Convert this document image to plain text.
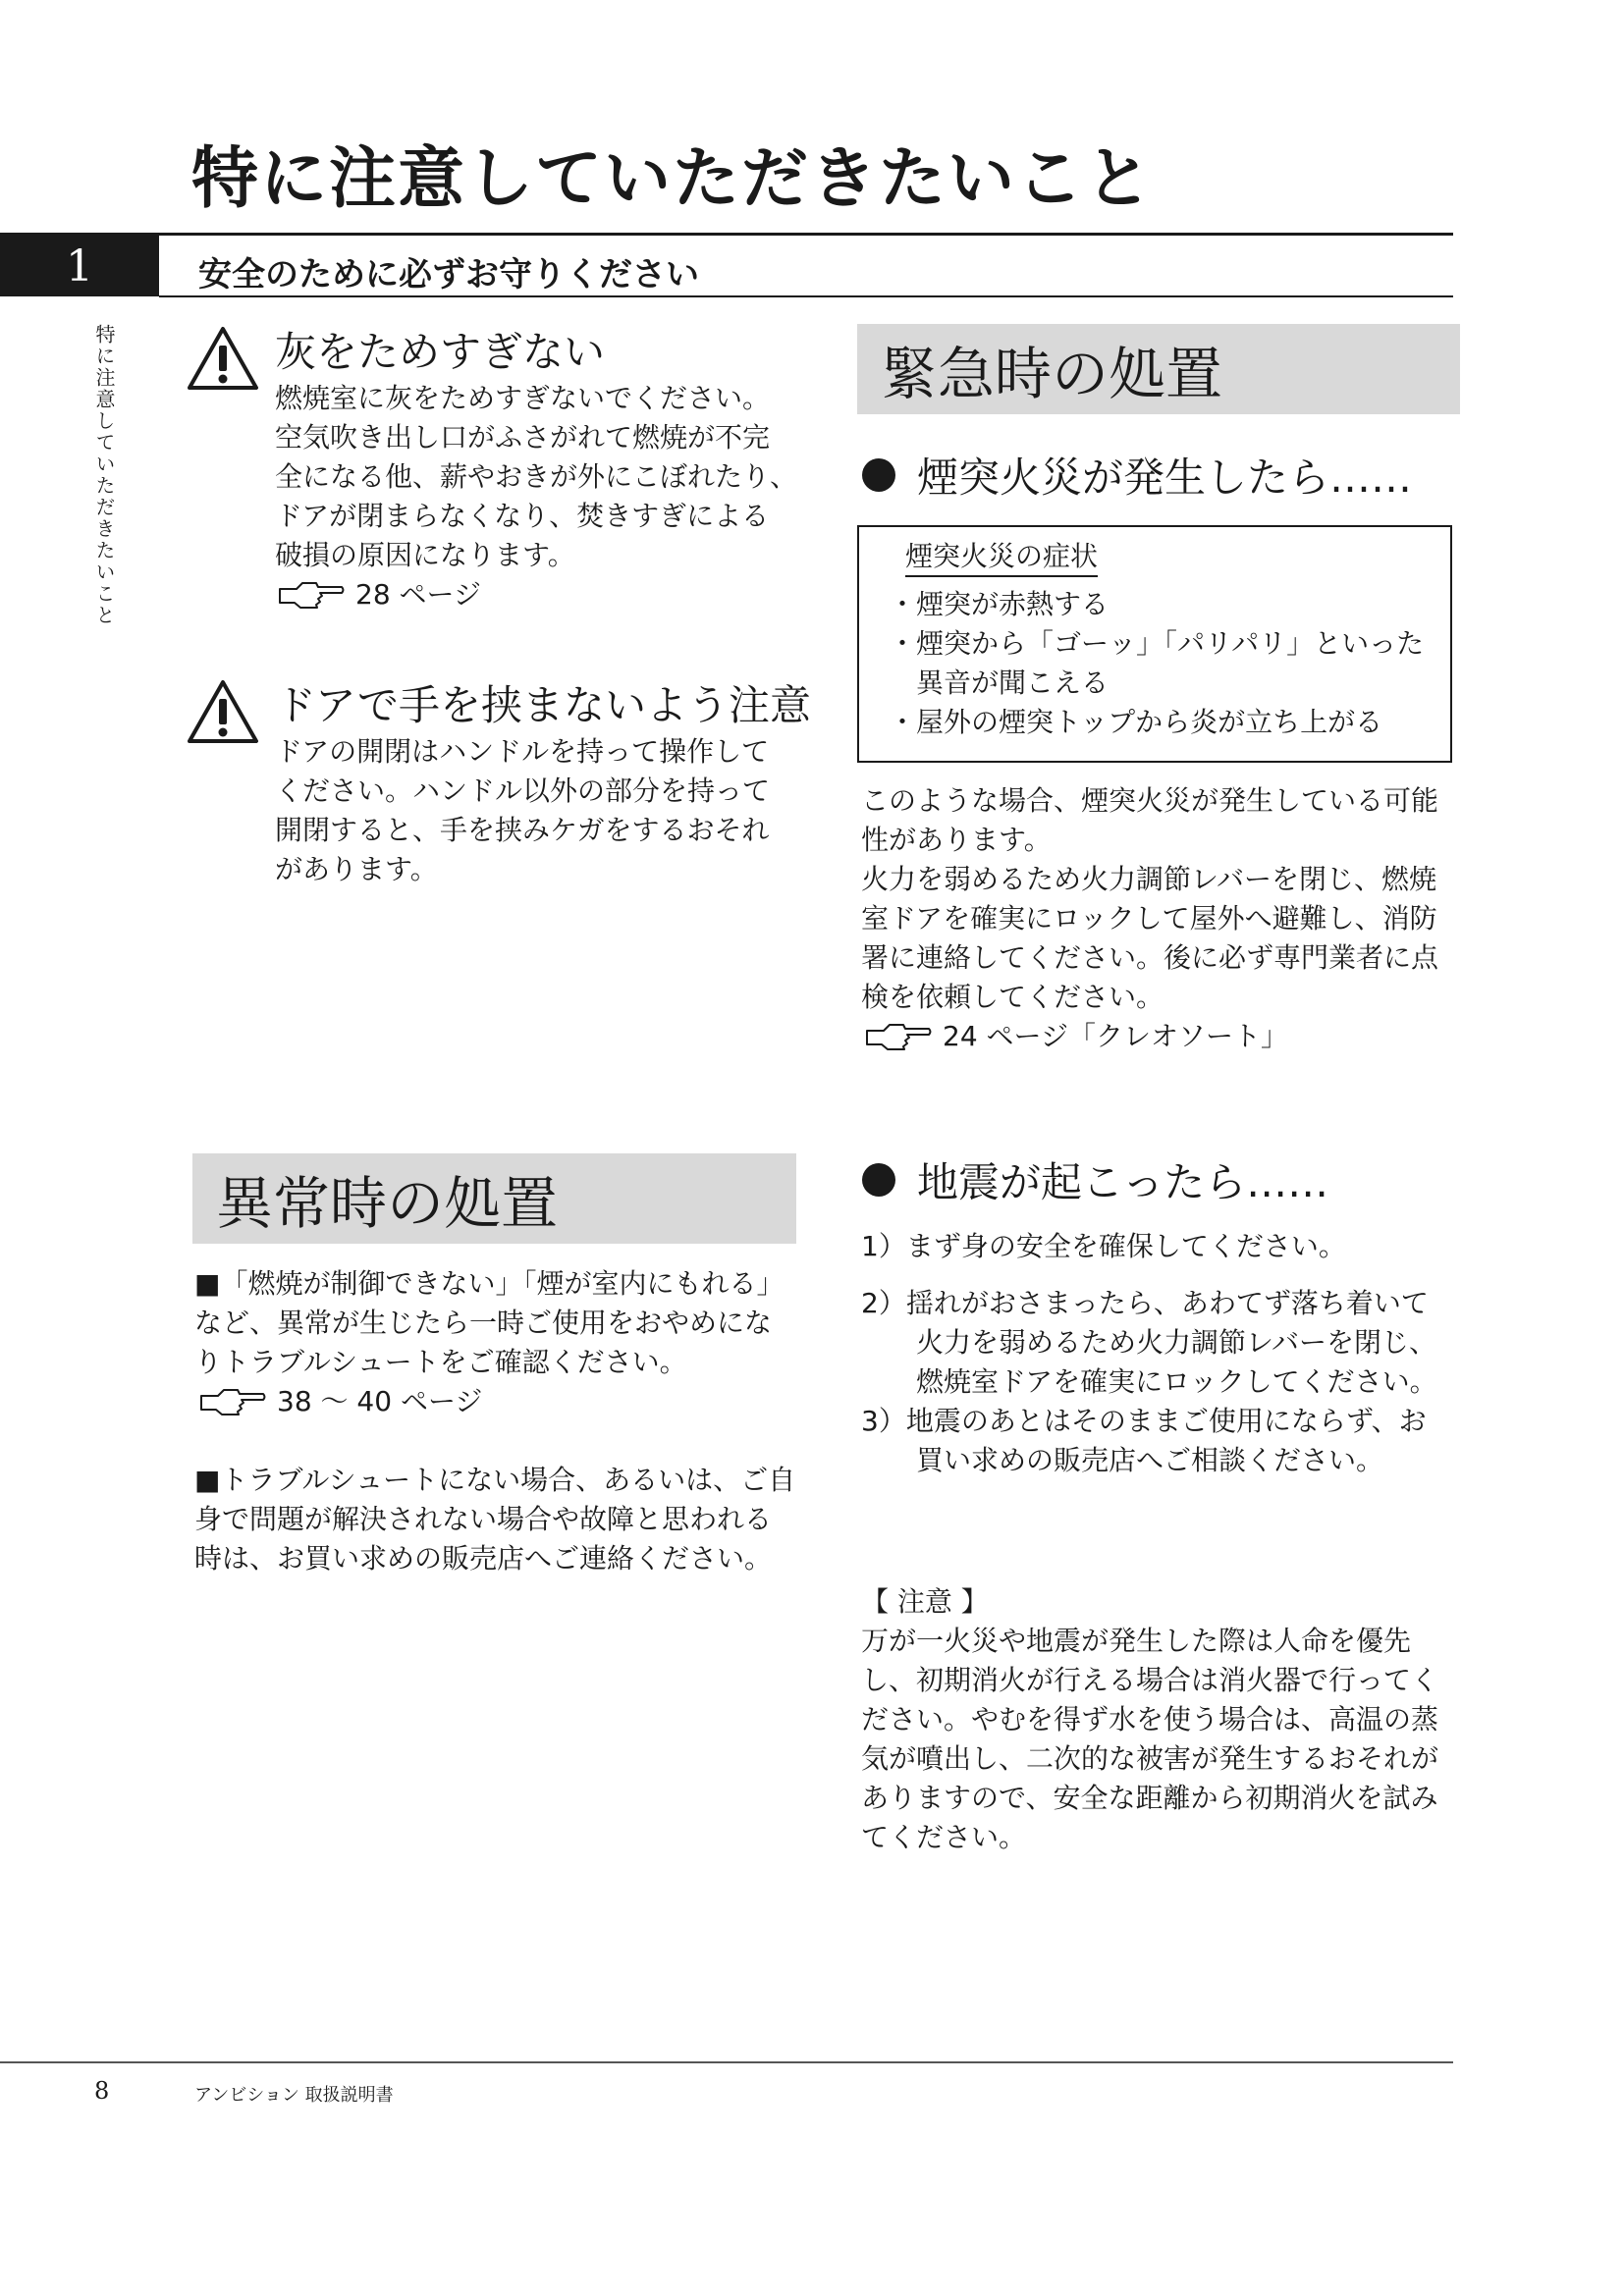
特に注意していただきたいこと
1	安全のために必ずお守りください
特に注意していただきたいこと	灰をためすぎない
燃焼室に灰をためすぎないでください。
空気吹き出し口がふさがれて燃焼が不完
全になる他、薪やおきが外にこぼれたり、
ドアが閉まらなくなり、焚きすぎによる
破損の原因になります。
28 ページ
ドアで手を挟まないよう注意
ドアの開閉はハンドルを持って操作して
ください。ハンドル以外の部分を持って
開閉すると、手を挟みケガをするおそれ
があります。
異常時の処置
■「燃焼が制御できない」「煙が室内にもれる」
など、異常が生じたら一時ご使用をおやめにな
りトラブルシュートをご確認ください。
38 ～ 40 ページ
■トラブルシュートにない場合、あるいは、ご自
身で問題が解決されない場合や故障と思われる
時は、お買い求めの販売店へご連絡ください。
緊急時の処置
煙突火災が発生したら……
煙突火災の症状
・煙突が赤熱する
・煙突から「ゴーッ」「パリパリ」といった
　異音が聞こえる
・屋外の煙突トップから炎が立ち上がる
このような場合、煙突火災が発生している可能
性があります。
火力を弱めるため火力調節レバーを閉じ、燃焼
室ドアを確実にロックして屋外へ避難し、消防
署に連絡してください。後に必ず専門業者に点
検を依頼してください。
24 ページ「クレオソート」
地震が起こったら……
1）まず身の安全を確保してください。
2）揺れがおさまったら、あわてず落ち着いて
　　火力を弱めるため火力調節レバーを閉じ、
　　燃焼室ドアを確実にロックしてください。
3）地震のあとはそのままご使用にならず、お
　　買い求めの販売店へご相談ください。
【 注意 】
万が一火災や地震が発生した際は人命を優先
し、初期消火が行える場合は消火器で行ってく
ださい。やむを得ず水を使う場合は、高温の蒸
気が噴出し、二次的な被害が発生するおそれが
ありますので、安全な距離から初期消火を試み
てください。
8	アンビション 取扱説明書
